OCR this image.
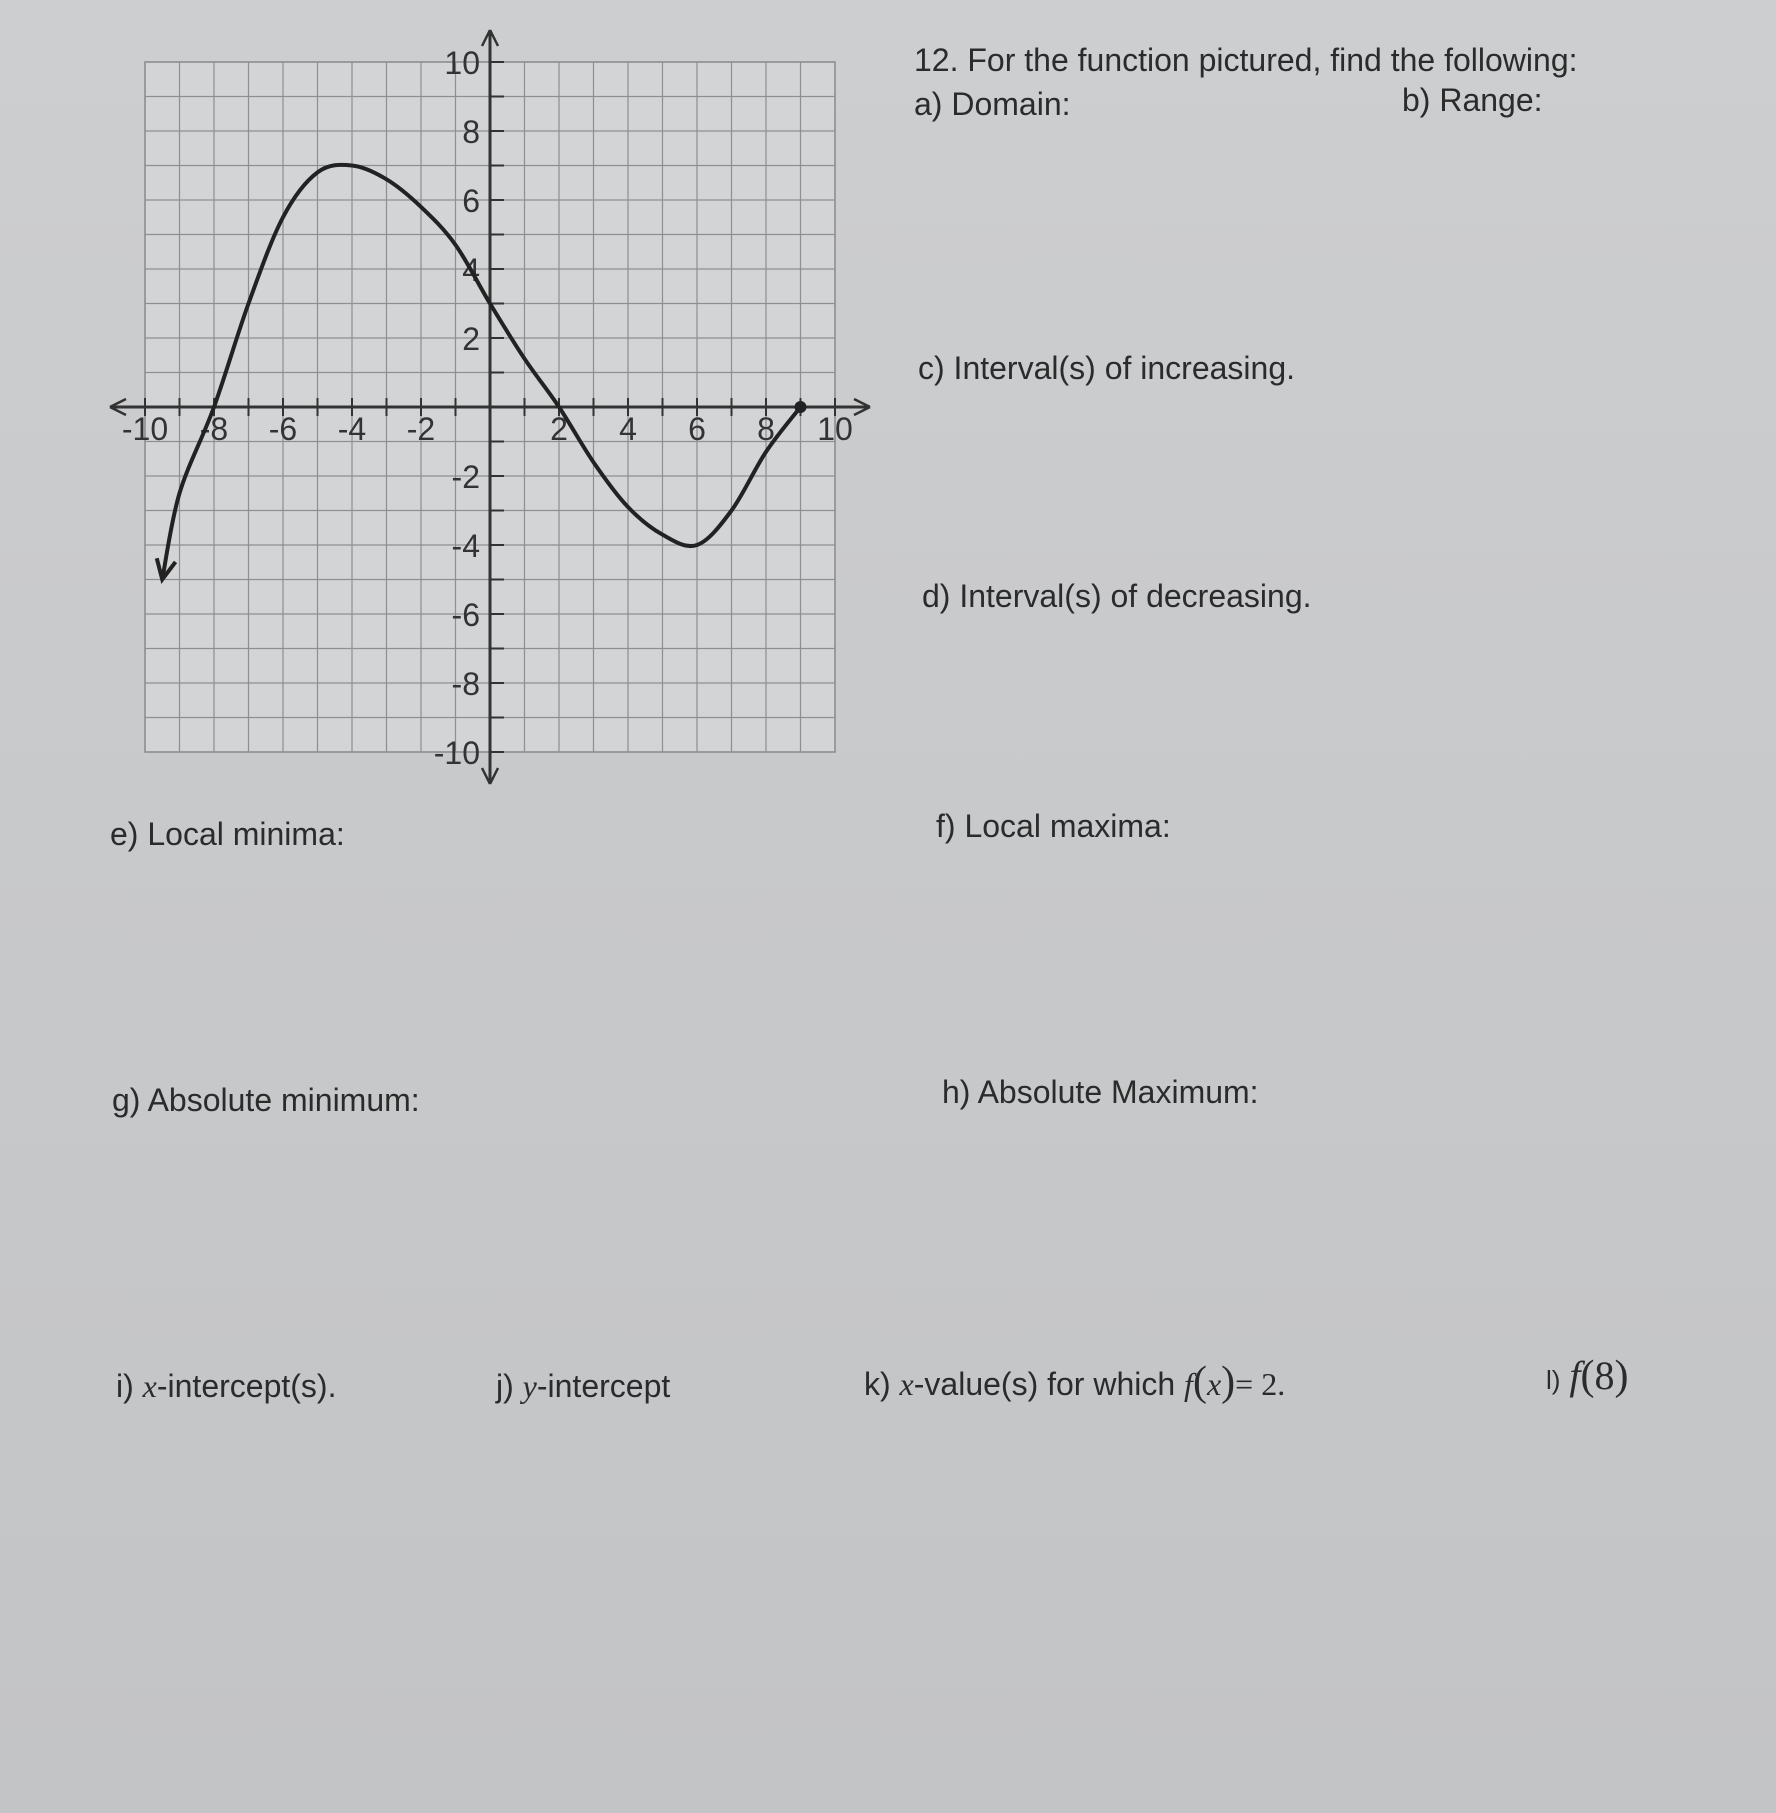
-10 -8 -6 -4 -2	2 4 6 8 10
10
8
6
4
2
-2
-4
-6
-8
-10
12. For the function pictured, find the following:
a) Domain:	b) Range:
c) Interval(s) of increasing.
d) Interval(s) of decreasing.
e) Local minima:	f) Local maxima:
g) Absolute minimum:	h) Absolute Maximum:
i) x-intercept(s).	j) y-intercept	k) x-value(s) for which f(x)= 2.	l) f(8)
